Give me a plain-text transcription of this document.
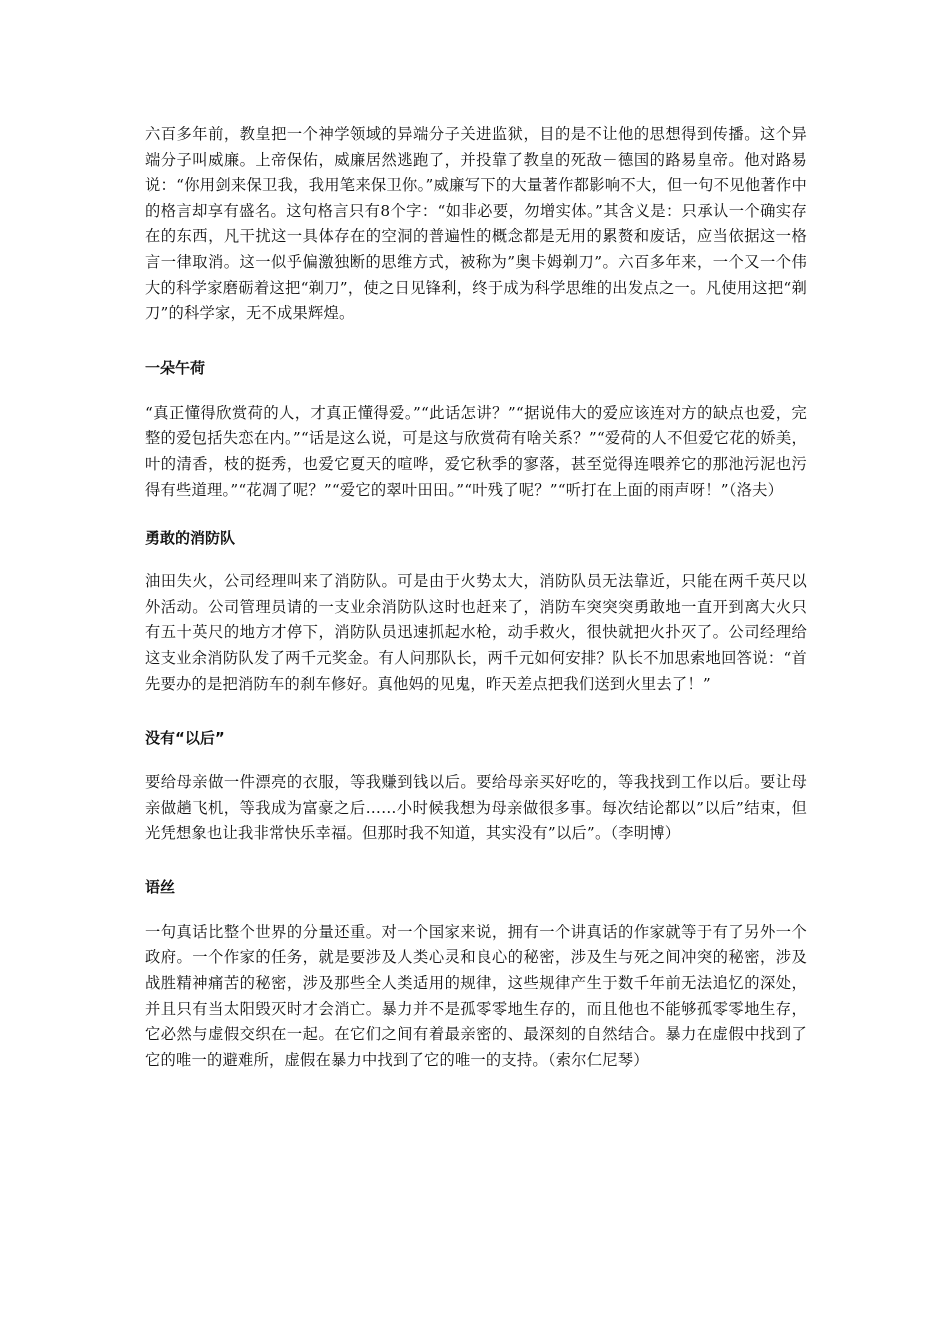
六百多年前，教皇把一个神学领域的异端分子关进监狱，目的是不让他的思想得到传播。这个异端分子叫威廉。上帝保佑，威廉居然逃跑了，并投靠了教皇的死敌－德国的路易皇帝。他对路易说：“你用剑来保卫我，我用笔来保卫你。”威廉写下的大量著作都影响不大，但一句不见他著作中的格言却享有盛名。这句格言只有8个字：“如非必要，勿增实体。”其含义是：只承认一个确实存在的东西，凡干扰这一具体存在的空洞的普遍性的概念都是无用的累赘和废话，应当依据这一格言一律取消。这一似乎偏激独断的思维方式，被称为”奥卡姆剃刀”。六百多年来，一个又一个伟大的科学家磨砺着这把“剃刀”，使之日见锋利，终于成为科学思维的出发点之一。凡使用这把“剃刀”的科学家，无不成果辉煌。

一朵午荷

“真正懂得欣赏荷的人，才真正懂得爱。”“此话怎讲？”“据说伟大的爱应该连对方的缺点也爱，完整的爱包括失恋在内。”“话是这么说，可是这与欣赏荷有啥关系？”“爱荷的人不但爱它花的娇美，叶的清香，枝的挺秀，也爱它夏天的喧哗，爱它秋季的寥落，甚至觉得连喂养它的那池污泥也污得有些道理。”“花凋了呢？”“爱它的翠叶田田。”“叶残了呢？”“听打在上面的雨声呀！”（洛夫）

勇敢的消防队

油田失火，公司经理叫来了消防队。可是由于火势太大，消防队员无法靠近，只能在两千英尺以外活动。公司管理员请的一支业余消防队这时也赶来了，消防车突突突勇敢地一直开到离大火只有五十英尺的地方才停下，消防队员迅速抓起水枪，动手救火，很快就把火扑灭了。公司经理给这支业余消防队发了两千元奖金。有人问那队长，两千元如何安排？队长不加思索地回答说：“首先要办的是把消防车的刹车修好。真他妈的见鬼，昨天差点把我们送到火里去了！”

没有“以后”

要给母亲做一件漂亮的衣服，等我赚到钱以后。要给母亲买好吃的，等我找到工作以后。要让母亲做趟飞机，等我成为富豪之后……小时候我想为母亲做很多事。每次结论都以”以后”结束，但光凭想象也让我非常快乐幸福。但那时我不知道，其实没有”以后”。（李明博）

语丝

一句真话比整个世界的分量还重。对一个国家来说，拥有一个讲真话的作家就等于有了另外一个政府。一个作家的任务，就是要涉及人类心灵和良心的秘密，涉及生与死之间冲突的秘密，涉及战胜精神痛苦的秘密，涉及那些全人类适用的规律，这些规律产生于数千年前无法追忆的深处，并且只有当太阳毁灭时才会消亡。暴力并不是孤零零地生存的，而且他也不能够孤零零地生存，它必然与虚假交织在一起。在它们之间有着最亲密的、最深刻的自然结合。暴力在虚假中找到了它的唯一的避难所，虚假在暴力中找到了它的唯一的支持。（索尔仁尼琴）
